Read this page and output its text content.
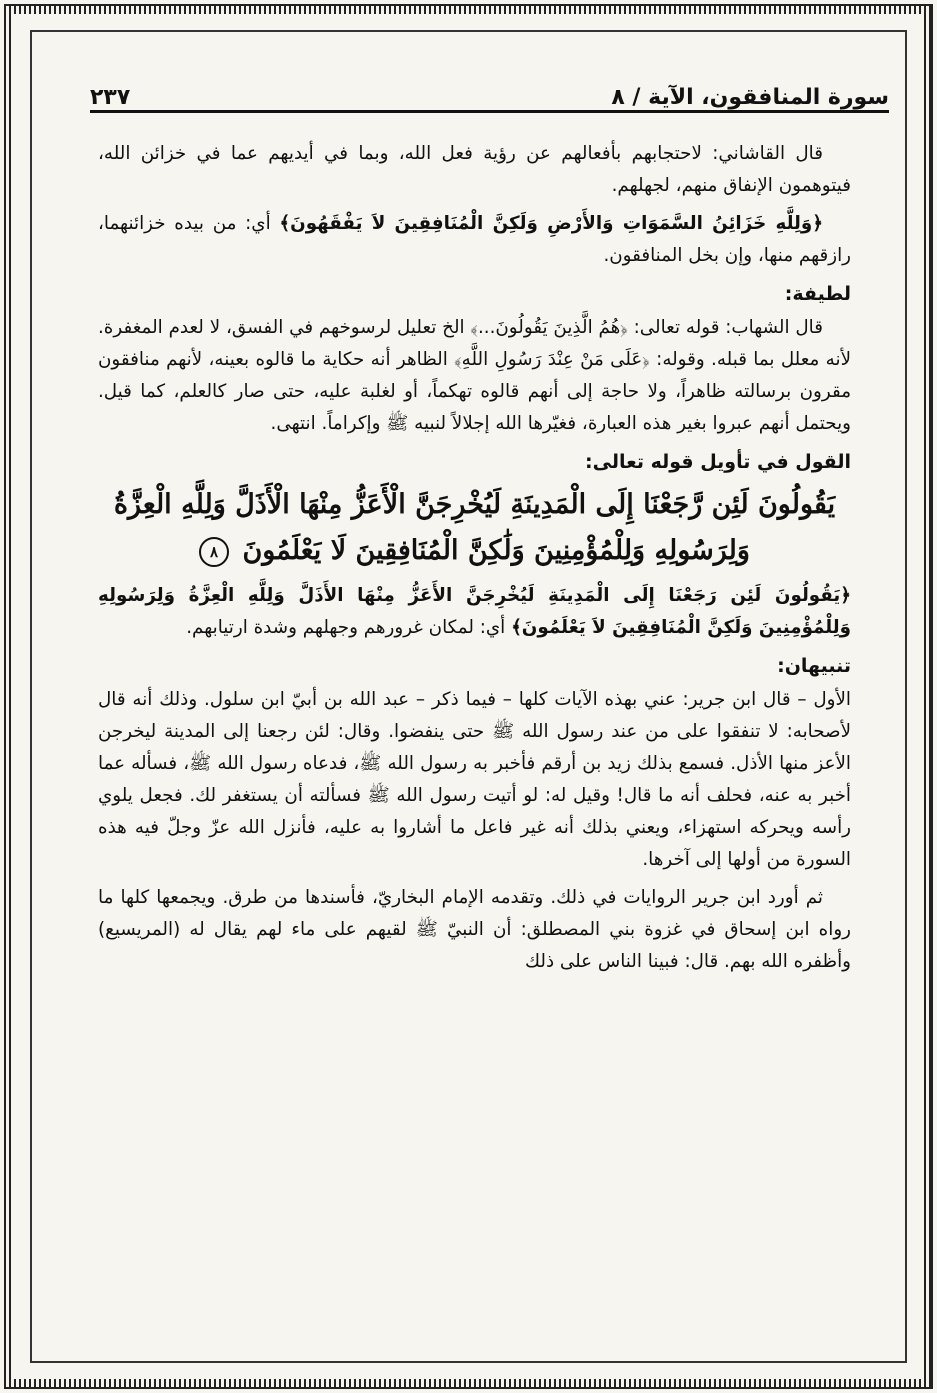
سورة المنافقون، الآية / ٨
٢٣٧

قال القاشاني: لاحتجابهم بأفعالهم عن رؤية فعل الله، وبما في أيديهم عما في خزائن الله، فيتوهمون الإنفاق منهم، لجهلهم.

﴿وَلِلَّهِ خَزَائِنُ السَّمَوَاتِ وَالأَرْضِ وَلَكِنَّ الْمُنَافِقِينَ لاَ يَفْقَهُونَ﴾ أي: من بيده خزائنهما، رازقهم منها، وإن بخل المنافقون.

لطيفة:

قال الشهاب: قوله تعالى: ﴿هُمُ الَّذِينَ يَقُولُونَ...﴾ الخ تعليل لرسوخهم في الفسق، لا لعدم المغفرة. لأنه معلل بما قبله. وقوله: ﴿عَلَى مَنْ عِنْدَ رَسُولِ اللَّهِ﴾ الظاهر أنه حكاية ما قالوه بعينه، لأنهم منافقون مقرون برسالته ظاهراً، ولا حاجة إلى أنهم قالوه تهكماً، أو لغلبة عليه، حتى صار كالعلم، كما قيل. ويحتمل أنهم عبروا بغير هذه العبارة، فغيّرها الله إجلالاً لنبيه ﷺ وإكراماً. انتهى.

القول في تأويل قوله تعالى:
يَقُولُونَ لَئِن رَّجَعْنَا إِلَى الْمَدِينَةِ لَيُخْرِجَنَّ الْأَعَزُّ مِنْهَا الْأَذَلَّ وَلِلَّهِ الْعِزَّةُ
وَلِرَسُولِهِ وَلِلْمُؤْمِنِينَ وَلَٰكِنَّ الْمُنَافِقِينَ لَا يَعْلَمُونَ ٨

﴿يَقُولُونَ لَئِن رَجَعْنَا إِلَى الْمَدِينَةِ لَيُخْرِجَنَّ الأَعَزُّ مِنْهَا الأَذَلَّ وَلِلَّهِ الْعِزَّةُ وَلِرَسُولِهِ وَلِلْمُؤْمِنِينَ وَلَكِنَّ الْمُنَافِقِينَ لاَ يَعْلَمُونَ﴾ أي: لمكان غرورهم وجهلهم وشدة ارتيابهم.

تنبيهان:

الأول – قال ابن جرير: عني بهذه الآيات كلها – فيما ذكر – عبد الله بن أبيّ ابن سلول. وذلك أنه قال لأصحابه: لا تنفقوا على من عند رسول الله ﷺ حتى ينفضوا. وقال: لئن رجعنا إلى المدينة ليخرجن الأعز منها الأذل. فسمع بذلك زيد بن أرقم فأخبر به رسول الله ﷺ، فدعاه رسول الله ﷺ، فسأله عما أخبر به عنه، فحلف أنه ما قال! وقيل له: لو أتيت رسول الله ﷺ فسألته أن يستغفر لك. فجعل يلوي رأسه ويحركه استهزاء، ويعني بذلك أنه غير فاعل ما أشاروا به عليه، فأنزل الله عزّ وجلّ فيه هذه السورة من أولها إلى آخرها.

ثم أورد ابن جرير الروايات في ذلك. وتقدمه الإمام البخاريّ، فأسندها من طرق. ويجمعها كلها ما رواه ابن إسحاق في غزوة بني المصطلق: أن النبيّ ﷺ لقيهم على ماء لهم يقال له (المريسيع) وأظفره الله بهم. قال: فبينا الناس على ذلك
